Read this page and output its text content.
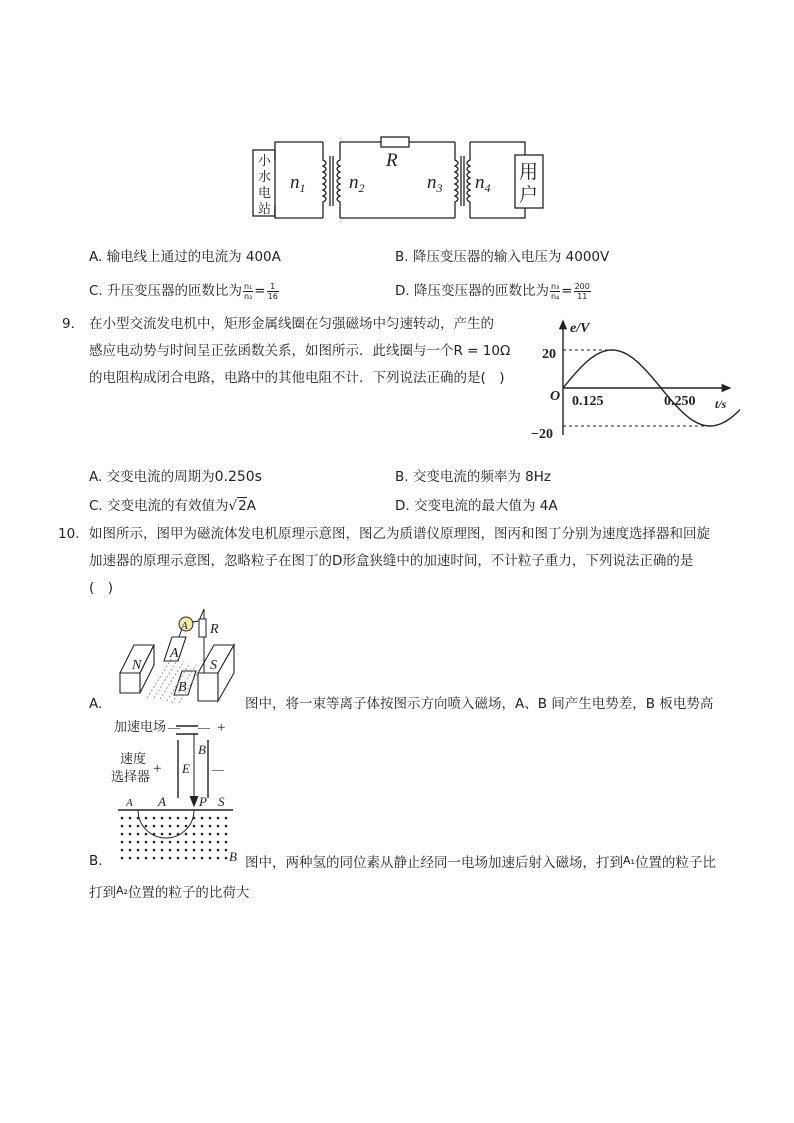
小
水
电
站
用
户
R
$n_1$ $n_2$	$n_3$ $n_4$
A. 输电线上通过的电流为 400A	B. 降压变压器的输入电压为 4000V
C. 升压变压器的匝数比为 $\frac{\text{n₁}}{\text{n₂}} = \frac{1}{16}$	D. 降压变压器的匝数比为 $\frac{\text{n₃}}{\text{n₄}} = \frac{200}{11}$
9. 在小型交流发电机中，矩形金属线圈在匀强磁场中匀速转动，产生的
感应电动势与时间呈正弦函数关系，如图所示．此线圈与一个R = 10Ω
的电阻构成闭合电路，电路中的其他电阻不计．下列说法正确的是(　)
e/V
O	t/s
20
−20
0.125	0.250
A. 交变电流的周期为0.250s	B. 交变电流的频率为 8Hz
C. 交变电流的有效值为√2A	D. 交变电流的最大值为 4A
10. 如图所示，图甲为磁流体发电机原理示意图，图乙为质谱仪原理图，图丙和图丁分别为速度选择器和回旋
加速器的原理示意图，忽略粒子在图丁的D形盒狭缝中的加速时间，不计粒子重力，下列说法正确的是
(　)
A R
A
B
N	S
A.	图中，将一束等离子体按图示方向喷入磁场，A、B 间产生电势差，B 板电势高
加速电场 — — +
速度
选择器 +	—
B
E
P S
A A
B
B.	图中，两种氢的同位素从静止经同一电场加速后射入磁场，打到$^{A_1}$位置的粒子比
打到$^{A_2}$位置的粒子的比荷大
